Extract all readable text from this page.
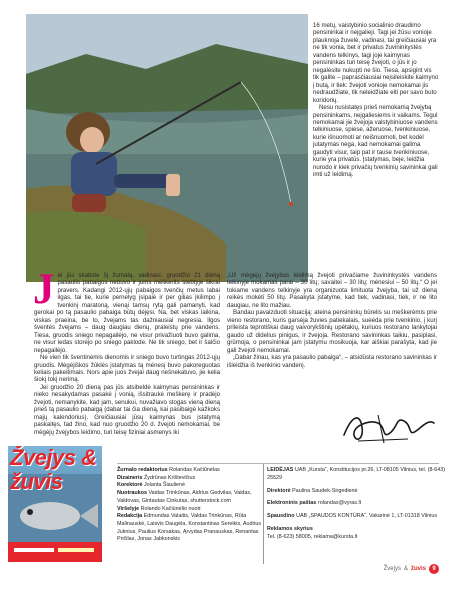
16 metų, vaistybinio socialinio draudimo pensininkai ir neįgalieji. Tagi jei žūsu vonioje plauknoja žuvelė, vadinasi, tai greičiausiai yra ne tik vonia, bet ir privatus žuvininkystės vandens telkinys, tagi joje kaimynas pensininkas turi teisę žvejoti, o jūs ir jo negalėsite nukupti ne šio. Tiesa, apsigint vis tik galite – paprasčiausiai neįsileiskite kaimyno į butą, ir tiek: žvejoti vonioje nemokamai jis nedraudžiate, tik neleidžiate eiti per savo buto koridorių.

Nesu nusistatęs prieš nemokamą žvejybą pensininkams, neįgaliesiems ir vaikams. Tegul nemokamai jie žvejoja valstybiniuose vandens telkiniuose, spiese, ažeruose, tvenkiniuose, kurie išnuomoti ar neišnuomoti, bet kodėl jutatymas nėga, kad nemokamai galima gaudyti visur, taip pat ir tause tvenkiniuose, kurie yra privatūs. Įstatymas, beje, leidžia nurodo ir kiek privačių tvenkinių savininkai gali imti už leidimą.

J ei jūs skaitote šį žurnalą, vadinasi, gruodžio 21 dieną pasaulio pabaigos nebuvo ir jums mėlikerits stebtyje šikrai pravers. Kadangi 2012-ųjų pabaigos tvenčių metus labai ilgas, tai tie, kurie pernelyg įsipaiė ir per gilias įkilimpo į tvenkinį maratoną, vienąi tamsų rytą gali pamanyti, kad gerokai po tą pasaulio pabaiga būtų dėjęsi. Na, bet viskas laikina, viskas praeina, be to, žvejams tas dažniausiai negresia. Ilgos šventės žvejams – daug daugiau dienų, praleistų prie vandens. Tiesa, gruodis sniego nepagailėjo, ne visur privažiuoti buvo galima, ne visur ledas storėjo po sniego paklode. Ne tik sniego, bet ir šalčio nepagailėjo.

Ne vien tik šventinėmis dienomis ir sniego buvo turtingas 2012-ųjų gruodis. Mėgėjiškos žūklės įstatymas tą mėnesį buvo pakoreguotas keliais pakeitimais. Nors apie juos žvejai daug nešnekatuvo, jie kelia šiokį tokį nerimą.

Jei gruodžio 20 dieną pas jūs atsibeldė kaimynas pensininkas ir nieko nesakydamas pasakė į vonią, išsitraukė meškerę ir pradėjo žvejoti, nemanykite, kad jam, senukui, nuvažiavo stogas vieną dieną prieš tą pasaulio pabaigą (dabar tai čia dieną, kai pasibaigė kažkoks majų kalendorius). Greičiausiai jūsų kaimynas bus įstatymą paskaitęs, tad žino, kad nuo gruodžio 20 d. žvejoti nemokamai, be mėgėjų žvejybos leidimo, turi teisę fiziniai asmenys iki

„Už mėgėjų žvejybos leidimą žvejoti privačiame žuvininkystės vandens telkinyje mokamas parai – 30 litų; savaitei – 30 litų; mėnesiui – 50 litų.“ O jei tokiame vandens telkinyje yra organizuota limituota žvejyba, tai už dieną reikės mokėti 50 litų. Pasakyta įstatyme, kad tiek, vadinasi, tiek, ir ne lito daugiau, ne lito mažiau.

Bandau pavaizduoti situaciją: ateina pensininkų būrelis su meškerėmis prie vieno restorano, kuris garsėja žuvies patiekalais, suėėda prie tvenkinio, į kurį prileista teprotiškai daug vaivorykštinių upėtakių, kuriuos restorano lankytojai gaudo už didelius pinigus, ir žvejoja. Restorano savininkas taikiu, pasiplasi, grūmoja, o pensininkai jam įstatymu mosikuoja, kar aiškiai parašyta, kad jie gali žvejoti nemokamai.

„Dabar žinau, kas yra pasaulio pabaiga“, – atsidūsta restorano savininkas ir išleidžia iš tvenkinio vandenį.

Žvejys & žuvis	Žurnalo redaktorius Rolandas Kačiūnėlas
Dizaineris Žydrūnas Krištevičius
Korektorė Jolanta Šiaulienė
Nuotraukos Vaidas Trinkūnas, Aidrius Gedvilas, Vaidas, Valdovas, Gintautas Cinkutas, shutterstock.com
Viršelyje Rolando Kačiūnėlio nuotr.
Redakcija Edmundas Valaitis, Valdas Trinkūnas, Rūta Malinauskė, Laisvis Daugėla, Konstantinas Sereikis, Audrius Juknius, Paulius Korsakas, Ąrvydas Pranauskas, Renantas Pričilas, Jonas Jabkonskis
LEIDĖJAS UAB „Kursta“, Konstitucijos pr.26, LT-08105 Vilnius, tel. (8-643) 25529
Direktorė Paulina Saudek-Sirgedienė
Elektroninis paštas rolandas@vyras.lt
Spausdino UAB „SPAUDOS KONTŪRA“, Vakarinė 1, LT-01318 Vilnius
Reklamos skyrius
Tel. (8-623) 58005, reklama@kursta.lt
Žvejys & žuvis	9
